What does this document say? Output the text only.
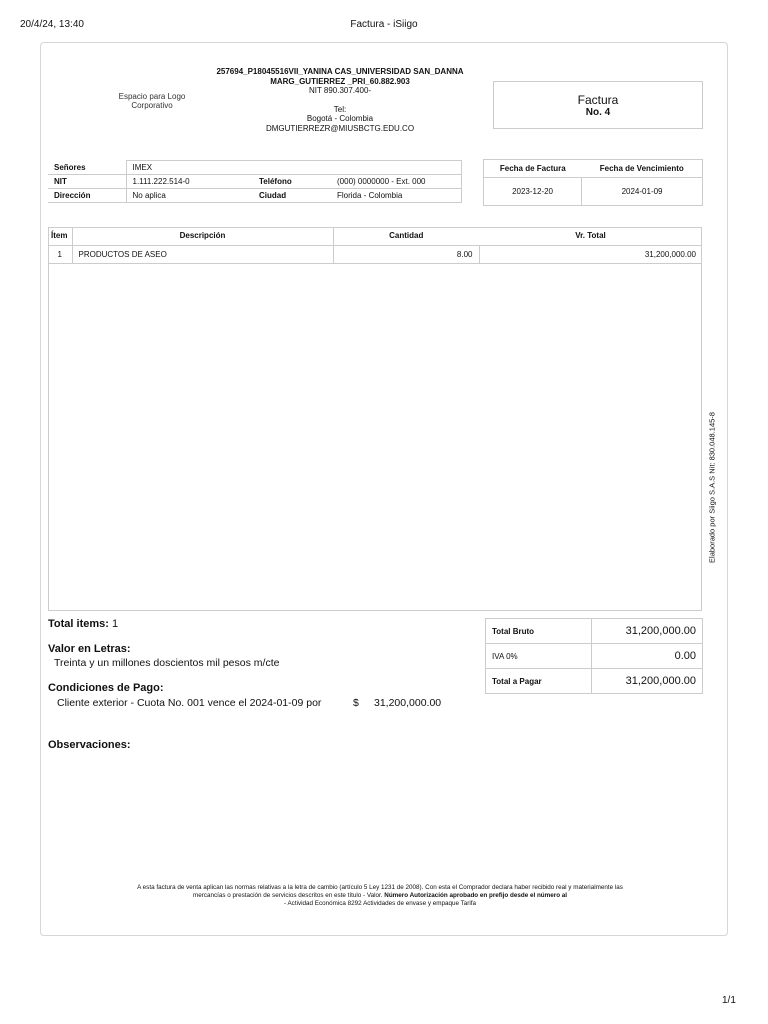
20/4/24, 13:40	Factura - iSiigo
Espacio para Logo Corporativo
257694_P18045516VII_YANINA CAS_UNIVERSIDAD SAN_DANNA
MARG_GUTIERREZ _PRI_60.882.903
NIT 890.307.400-
Tel:
Bogotá - Colombia
DMGUTIERREZR@MIUSBCTG.EDU.CO
Factura
No. 4
Señores	IMEX		
NIT	1.111.222.514-0	Teléfono	(000) 0000000 - Ext. 000
Dirección	No aplica	Ciudad	Florida - Colombia
Fecha de Factura	Fecha de Vencimiento
2023-12-20	2024-01-09
Ítem	Descripción	Cantidad	Vr. Total
1	PRODUCTOS DE ASEO	8.00	31,200,000.00
Elaborado por Siigo S.A.S Nit: 830.048.145-8
Total items: 1
Valor en Letras:
Treinta y un millones doscientos mil pesos m/cte
Condiciones de Pago:
Cliente exterior - Cuota No. 001 vence el 2024-01-09 por	$ 31,200,000.00
Observaciones:
Total Bruto	31,200,000.00
IVA 0%	0.00
Total a Pagar	31,200,000.00
A esta factura de venta aplican las normas relativas a la letra de cambio (artículo 5 Ley 1231 de 2008). Con esta el Comprador declara haber recibido real y materialmente las
mercancías o prestación de servicios descritos en este título - Valor. Número Autorización aprobado en prefijo desde el número al
- Actividad Económica 8292 Actividades de envase y empaque Tarifa
1/1
